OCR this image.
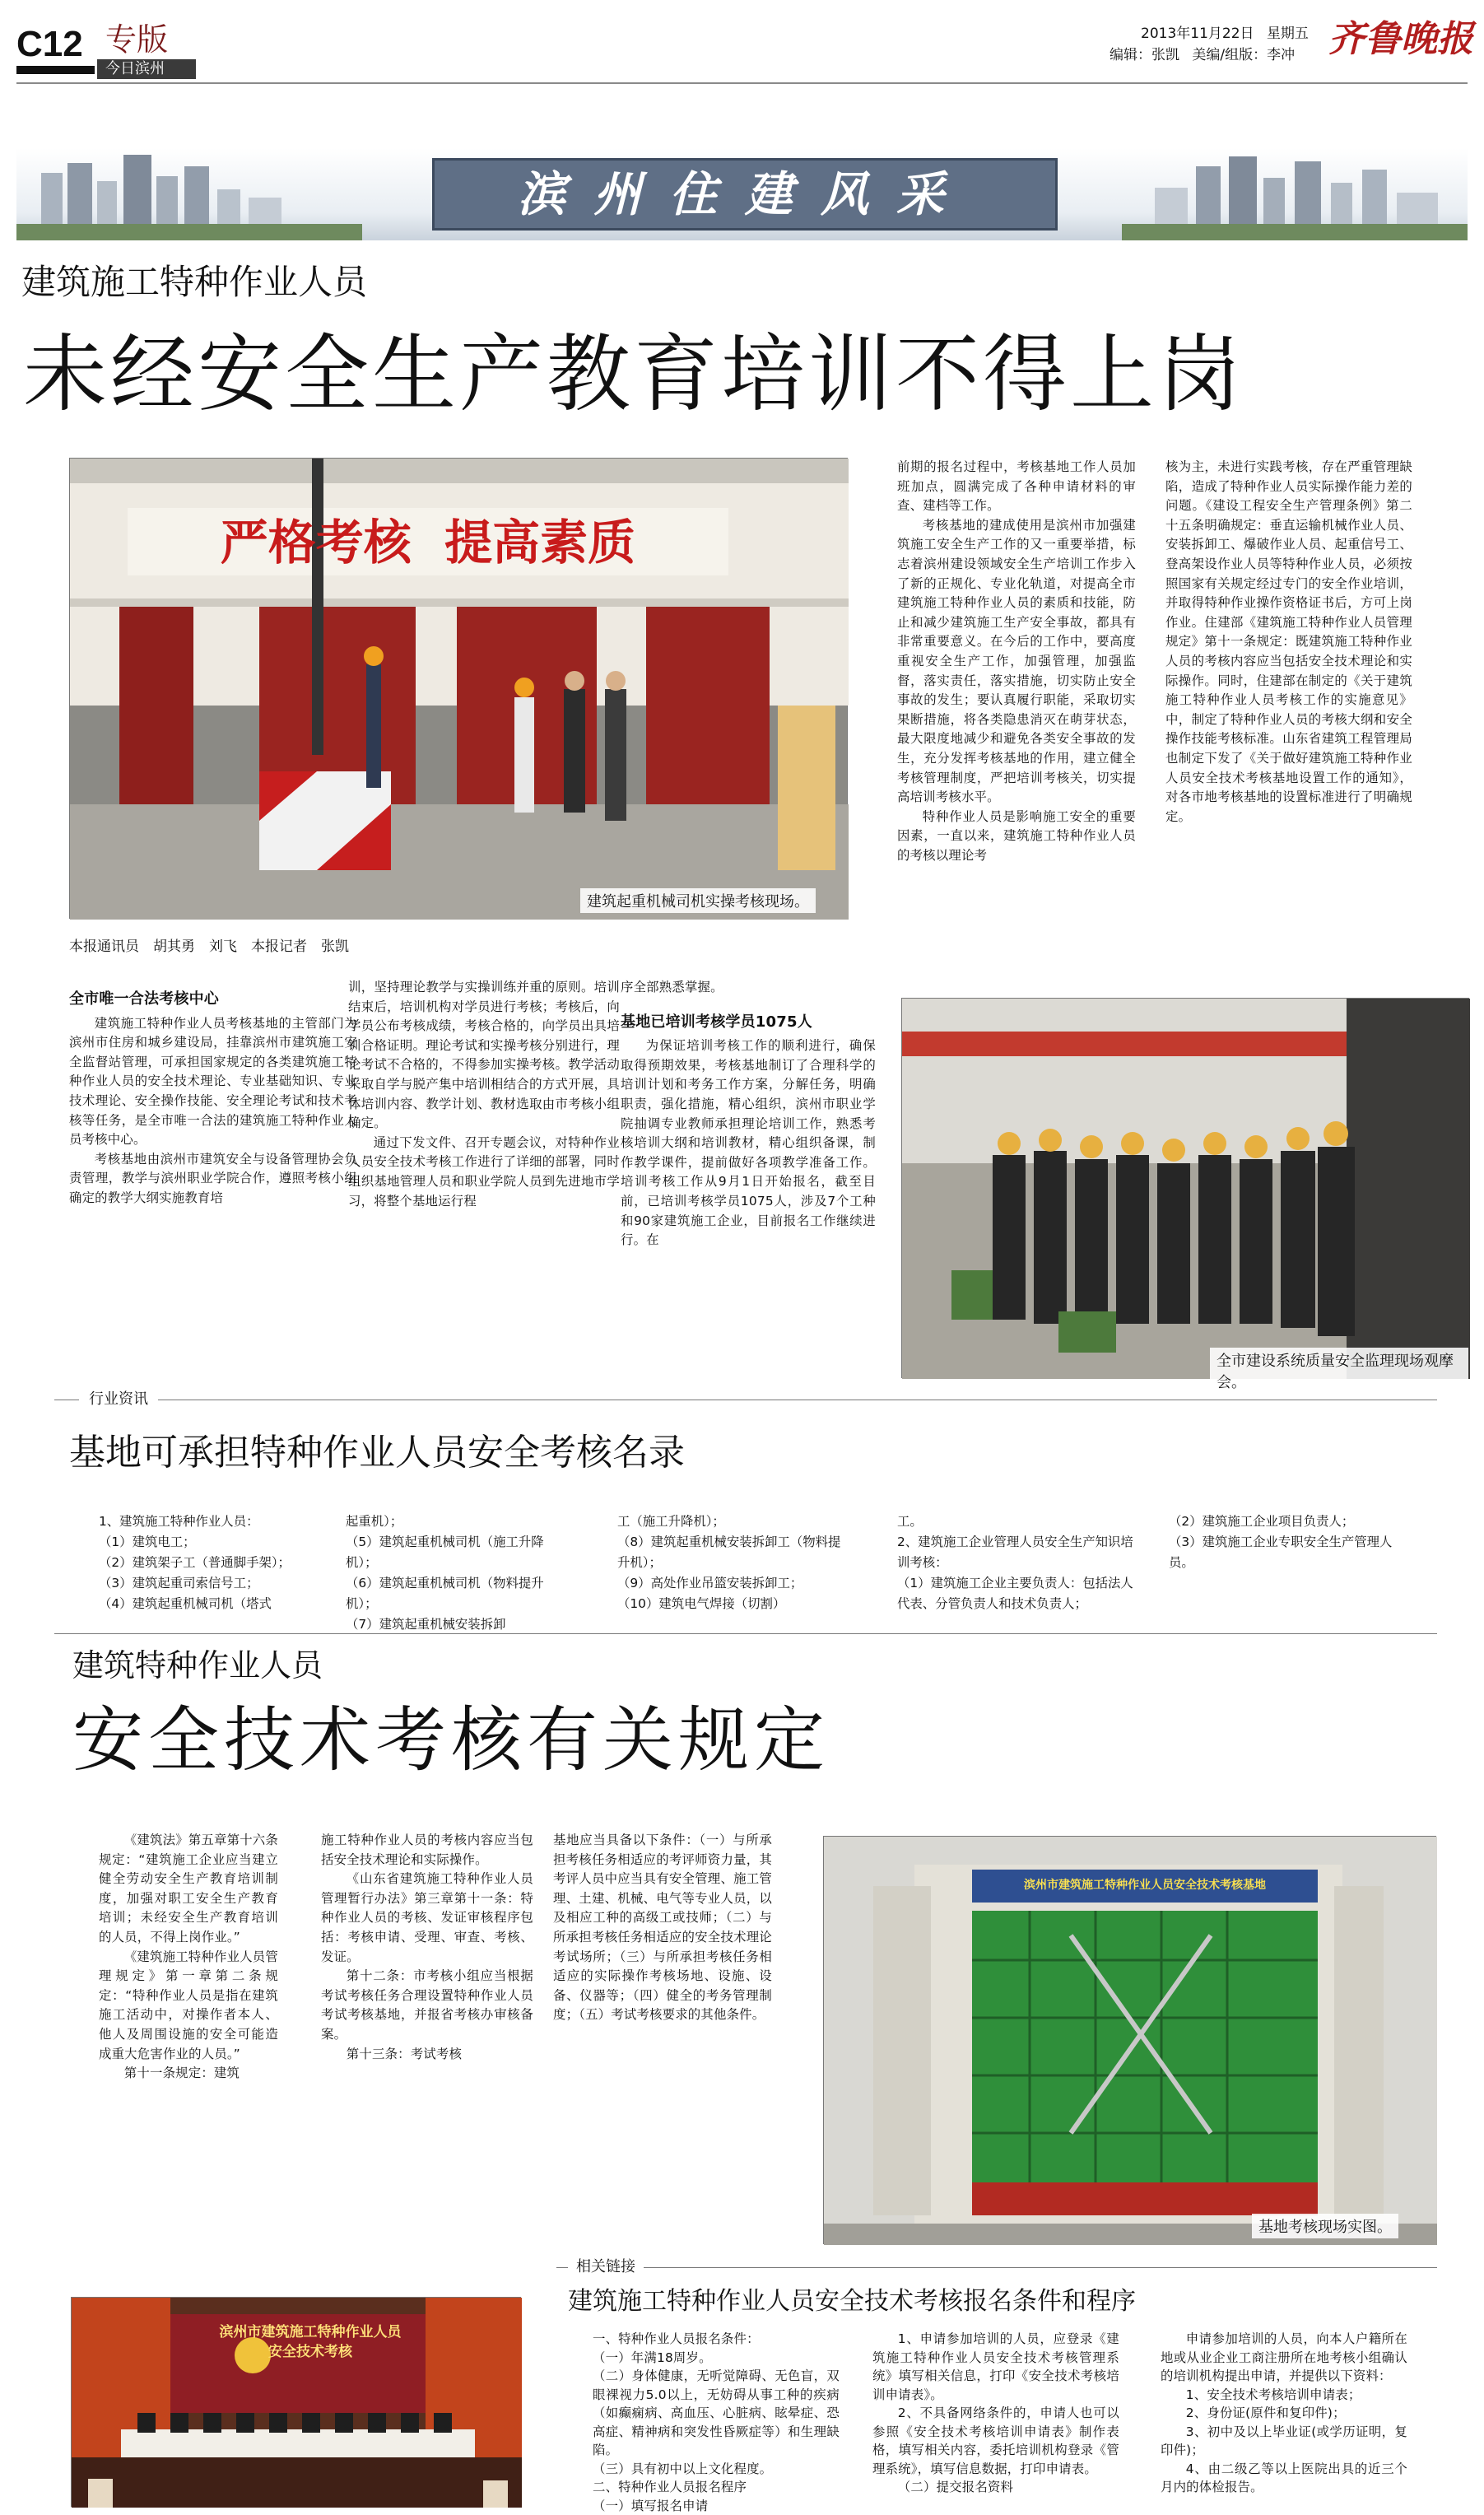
C12 专版
今日滨州
2013年11月22日 星期五
编辑：张凯 美编/组版：李冲 齐鲁晚报
滨州住建风采
建筑施工特种作业人员
未经安全生产教育培训不得上岗
严格考核  提高素质
建筑起重机械司机实操考核现场。
本报通讯员　胡其勇　刘飞　本报记者　张凯
全市唯一合法考核中心

建筑施工特种作业人员考核基地的主管部门为滨州市住房和城乡建设局，挂靠滨州市建筑施工安全监督站管理，可承担国家规定的各类建筑施工特种作业人员的安全技术理论、专业基础知识、专业技术理论、安全操作技能、安全理论考试和技术考核等任务，是全市唯一合法的建筑施工特种作业人员考核中心。

考核基地由滨州市建筑安全与设备管理协会负责管理，教学与滨州职业学院合作，遵照考核小组确定的教学大纲实施教育培

训，坚持理论教学与实操训练并重的原则。培训结束后，培训机构对学员进行考核；考核后，向学员公布考核成绩，考核合格的，向学员出具培训合格证明。理论考试和实操考核分别进行，理论考试不合格的，不得参加实操考核。教学活动采取自学与脱产集中培训相结合的方式开展，具体培训内容、教学计划、教材选取由市考核小组确定。

通过下发文件、召开专题会议，对特种作业人员安全技术考核工作进行了详细的部署，同时组织基地管理人员和职业学院人员到先进地市学习，将整个基地运行程

序全部熟悉掌握。

基地已培训考核学员1075人

为保证培训考核工作的顺利进行，确保取得预期效果，考核基地制订了合理科学的培训计划和考务工作方案，分解任务，明确职责，强化措施，精心组织，滨州市职业学院抽调专业教师承担理论培训工作，熟悉考核培训大纲和培训教材，精心组织备课，制作教学课件，提前做好各项教学准备工作。培训考核工作从9月1日开始报名，截至目前，已培训考核学员1075人，涉及7个工种和90家建筑施工企业，目前报名工作继续进行。在

前期的报名过程中，考核基地工作人员加班加点，圆满完成了各种申请材料的审查、建档等工作。

考核基地的建成使用是滨州市加强建筑施工安全生产工作的又一重要举措，标志着滨州建设领域安全生产培训工作步入了新的正规化、专业化轨道，对提高全市建筑施工特种作业人员的素质和技能，防止和减少建筑施工生产安全事故，都具有非常重要意义。在今后的工作中，要高度重视安全生产工作，加强管理，加强监督，落实责任，落实措施，切实防止安全事故的发生；要认真履行职能，采取切实果断措施，将各类隐患消灭在萌芽状态，最大限度地减少和避免各类安全事故的发生，充分发挥考核基地的作用，建立健全考核管理制度，严把培训考核关，切实提高培训考核水平。

特种作业人员是影响施工安全的重要因素，一直以来，建筑施工特种作业人员的考核以理论考

核为主，未进行实践考核，存在严重管理缺陷，造成了特种作业人员实际操作能力差的问题。《建设工程安全生产管理条例》第二十五条明确规定：垂直运输机械作业人员、安装拆卸工、爆破作业人员、起重信号工、登高架设作业人员等特种作业人员，必须按照国家有关规定经过专门的安全作业培训，并取得特种作业操作资格证书后，方可上岗作业。住建部《建筑施工特种作业人员管理规定》第十一条规定：既建筑施工特种作业人员的考核内容应当包括安全技术理论和实际操作。同时，住建部在制定的《关于建筑施工特种作业人员考核工作的实施意见》中，制定了特种作业人员的考核大纲和安全操作技能考核标准。山东省建筑工程管理局也制定下发了《关于做好建筑施工特种作业人员安全技术考核基地设置工作的通知》，对各市地考核基地的设置标准进行了明确规定。

全市建设系统质量安全监理现场观摩会。
行业资讯
基地可承担特种作业人员安全考核名录
1、建筑施工特种作业人员：
（1）建筑电工；
（2）建筑架子工（普通脚手架）；
（3）建筑起重司索信号工；
（4）建筑起重机械司机（塔式
起重机）；
（5）建筑起重机械司机（施工升降机）；
（6）建筑起重机械司机（物料提升机）；
（7）建筑起重机械安装拆卸
工（施工升降机）；
（8）建筑起重机械安装拆卸工（物料提升机）；
（9）高处作业吊篮安装拆卸工；
（10）建筑电气焊接（切割）
工。
2、建筑施工企业管理人员安全生产知识培训考核：
（1）建筑施工企业主要负责人：包括法人代表、分管负责人和技术负责人；
（2）建筑施工企业项目负责人；
（3）建筑施工企业专职安全生产管理人员。
建筑特种作业人员
安全技术考核有关规定

《建筑法》第五章第十六条规定：“建筑施工企业应当建立健全劳动安全生产教育培训制度，加强对职工安全生产教育培训；未经安全生产教育培训的人员，不得上岗作业。”

《建筑施工特种作业人员管理规定》第一章第二条规定：“特种作业人员是指在建筑施工活动中，对操作者本人、他人及周围设施的安全可能造成重大危害作业的人员。”

第十一条规定：建筑

施工特种作业人员的考核内容应当包括安全技术理论和实际操作。

《山东省建筑施工特种作业人员管理暂行办法》第三章第十一条：特种作业人员的考核、发证审核程序包括：考核申请、受理、审查、考核、发证。

第十二条：市考核小组应当根据考试考核任务合理设置特种作业人员考试考核基地，并报省考核办审核备案。

第十三条：考试考核

基地应当具备以下条件：（一）与所承担考核任务相适应的考评师资力量，其考评人员中应当具有安全管理、施工管理、土建、机械、电气等专业人员，以及相应工种的高级工或技师；（二）与所承担考核任务相适应的安全技术理论考试场所；（三）与所承担考核任务相适应的实际操作考核场地、设施、设备、仪器等；（四）健全的考务管理制度；（五）考试考核要求的其他条件。

滨州市建筑施工特种作业人员安全技术考核基地
基地考核现场实图。
滨州市建筑施工特种作业人员
安全技术考核
相关链接
建筑施工特种作业人员安全技术考核报名条件和程序

一、特种作业人员报名条件：

（一）年满18周岁。

（二）身体健康，无听觉障碍、无色盲，双眼裸视力5.0以上，无妨碍从事工种的疾病（如癫痫病、高血压、心脏病、眩晕症、恐高症、精神病和突发性昏厥症等）和生理缺陷。

（三）具有初中以上文化程度。

二、特种作业人员报名程序

（一）填写报名申请

1、申请参加培训的人员，应登录《建筑施工特种作业人员安全技术考核管理系统》填写相关信息，打印《安全技术考核培训申请表》。

2、不具备网络条件的，申请人也可以参照《安全技术考核培训申请表》制作表格，填写相关内容，委托培训机构登录《管理系统》，填写信息数据，打印申请表。

（二）提交报名资料

申请参加培训的人员，向本人户籍所在地或从业企业工商注册所在地考核小组确认的培训机构提出申请，并提供以下资料：

1、安全技术考核培训申请表；

2、身份证(原件和复印件)；

3、初中及以上毕业证(或学历证明，复印件)；

4、由二级乙等以上医院出具的近三个月内的体检报告。
